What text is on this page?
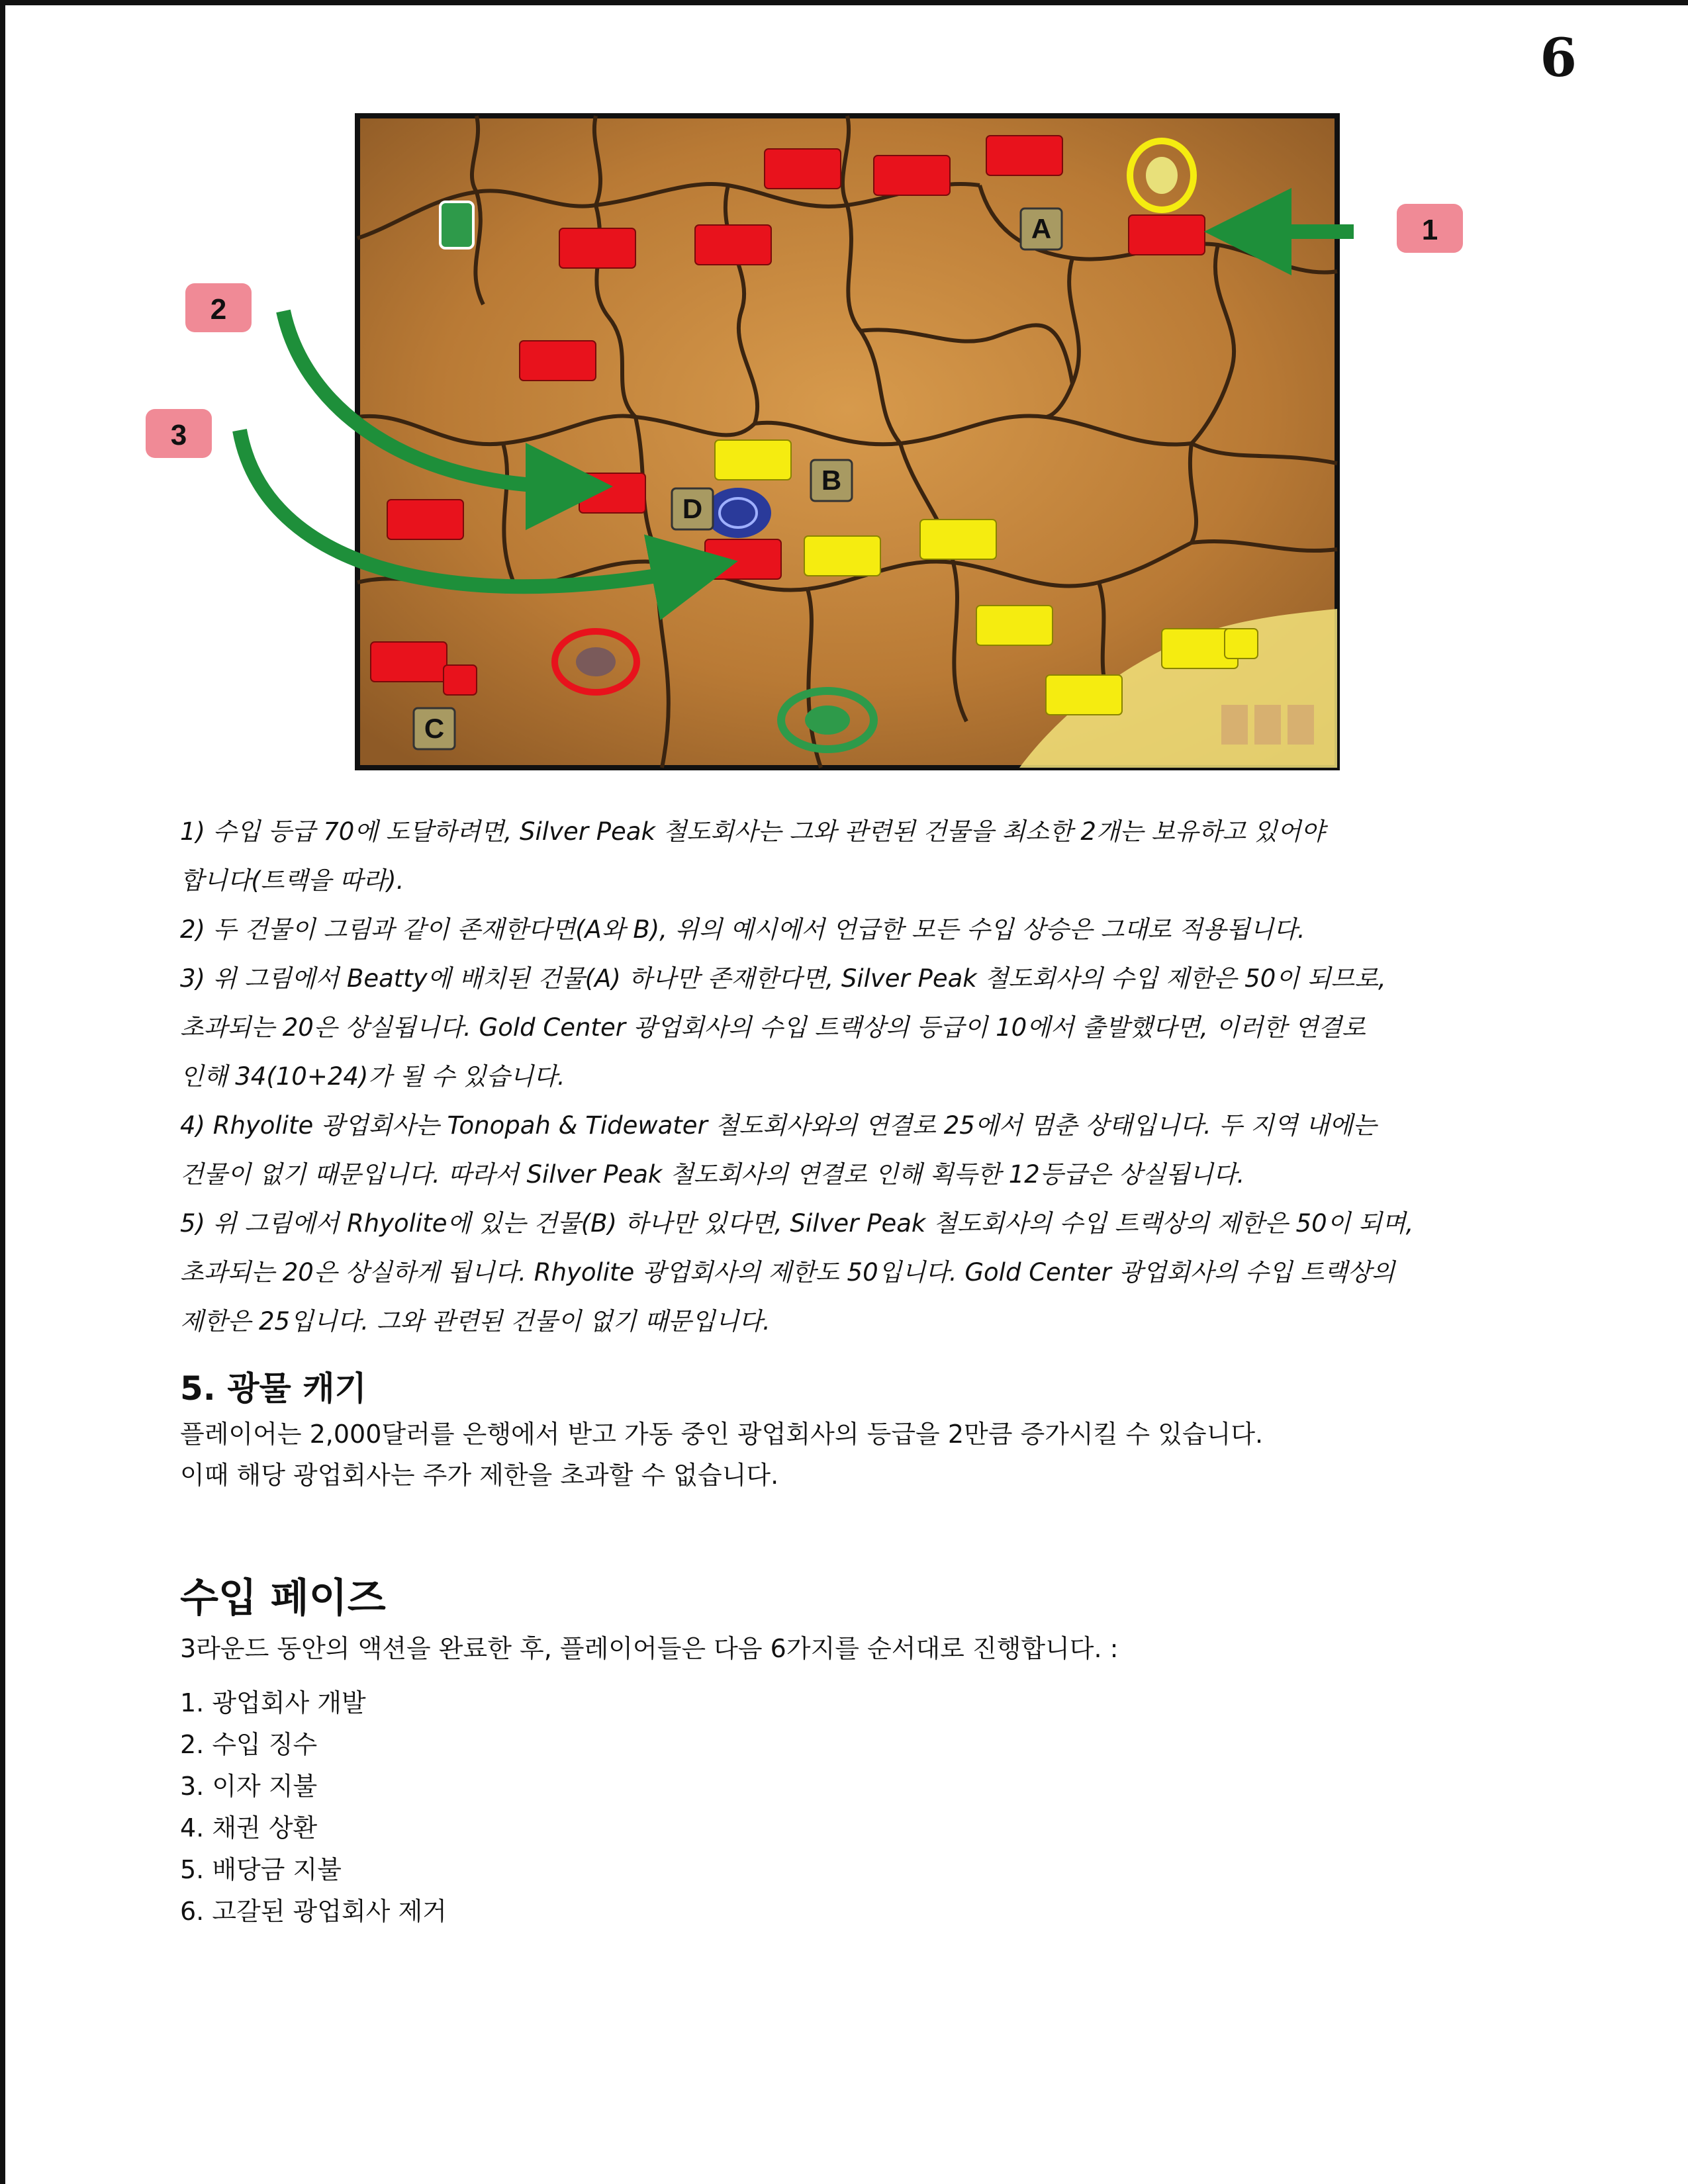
6
1
2
3
A
B
C
D

1) 수입 등급 70에 도달하려면, Silver Peak 철도회사는 그와 관련된 건물을 최소한 2개는 보유하고 있어야

합니다(트랙을 따라).

2) 두 건물이 그림과 같이 존재한다면(A와 B), 위의 예시에서 언급한 모든 수입 상승은 그대로 적용됩니다.

3) 위 그림에서 Beatty에 배치된 건물(A) 하나만 존재한다면, Silver Peak 철도회사의 수입 제한은 50이 되므로,

초과되는 20은 상실됩니다. Gold Center 광업회사의 수입 트랙상의 등급이 10에서 출발했다면, 이러한 연결로

인해 34(10+24)가 될 수 있습니다.

4) Rhyolite 광업회사는 Tonopah & Tidewater 철도회사와의 연결로 25에서 멈춘 상태입니다. 두 지역 내에는

건물이 없기 때문입니다. 따라서 Silver Peak 철도회사의 연결로 인해 획득한 12등급은 상실됩니다.

5) 위 그림에서 Rhyolite에 있는 건물(B) 하나만 있다면, Silver Peak 철도회사의 수입 트랙상의 제한은 50이 되며,

초과되는 20은 상실하게 됩니다. Rhyolite 광업회사의 제한도 50입니다. Gold Center 광업회사의 수입 트랙상의

제한은 25입니다. 그와 관련된 건물이 없기 때문입니다.

5. 광물 캐기

플레이어는 2,000달러를 은행에서 받고 가동 중인 광업회사의 등급을 2만큼 증가시킬 수 있습니다.

이때 해당 광업회사는 주가 제한을 초과할 수 없습니다.

수입 페이즈

3라운드 동안의 액션을 완료한 후, 플레이어들은 다음 6가지를 순서대로 진행합니다. :

1. 광업회사 개발
2. 수입 징수
3. 이자 지불
4. 채권 상환
5. 배당금 지불
6. 고갈된 광업회사 제거
